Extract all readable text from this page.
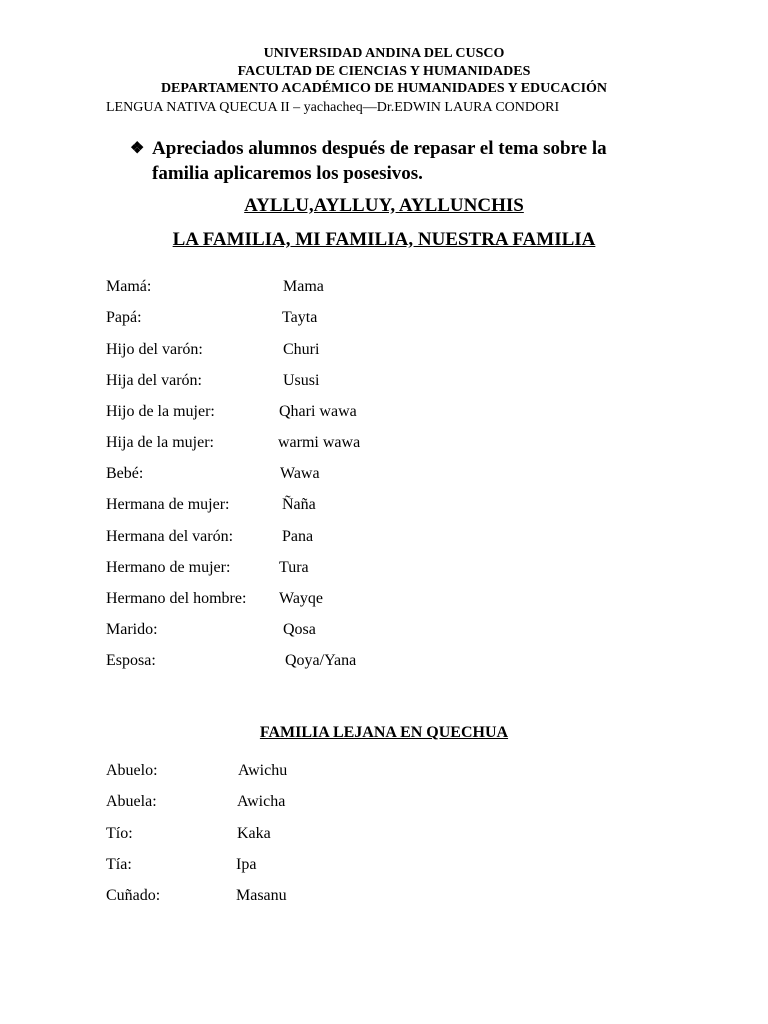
UNIVERSIDAD ANDINA DEL CUSCO
FACULTAD DE CIENCIAS Y HUMANIDADES
DEPARTAMENTO ACADÉMICO DE HUMANIDADES Y EDUCACIÓN
LENGUA NATIVA QUECUA II – yachacheq—Dr.EDWIN LAURA CONDORI
❖ Apreciados alumnos después de repasar el tema sobre la
familia aplicaremos los posesivos.
AYLLU,AYLLUY, AYLLUNCHIS
LA FAMILIA, MI FAMILIA, NUESTRA FAMILIA
Mamá:	Mama
Papá:	Tayta
Hijo del varón:	Churi
Hija del varón:	Ususi
Hijo de la mujer:	Qhari wawa
Hija de la mujer:	warmi wawa
Bebé:	Wawa
Hermana de mujer:	Ñaña
Hermana del varón:	Pana
Hermano de mujer:	Tura
Hermano del hombre: Wayqe
Marido:	Qosa
Esposa:	Qoya/Yana
FAMILIA LEJANA EN QUECHUA
Abuelo:	Awichu
Abuela:	Awicha
Tío:	Kaka
Tía:	Ipa
Cuñado:	Masanu
